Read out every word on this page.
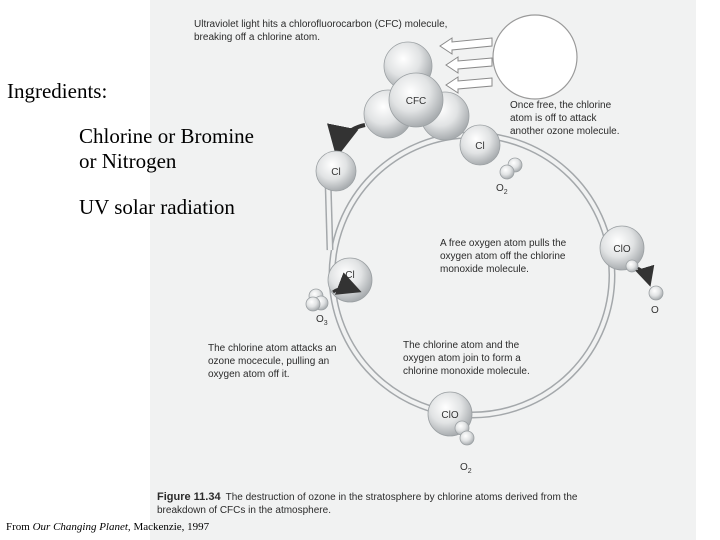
CFC
Cl
Cl
$O_2$
Cl
$O_3$
ClO
O
ClO
$O_2$
Ultraviolet light hits a chlorofluorocarbon (CFC) molecule,
breaking off a chlorine atom.
Once free, the chlorine
atom is off to attack
another ozone molecule.
A free oxygen atom pulls the
oxygen atom off the chlorine
monoxide molecule.
The chlorine atom attacks an
ozone mocecule, pulling an
oxygen atom off it.
The chlorine atom and the
oxygen atom join to form a
chlorine monoxide molecule.
Figure 11.34 The destruction of ozone in the stratosphere by chlorine atoms derived from the
breakdown of CFCs in the atmosphere.
Ingredients:
Chlorine or Bromine
or Nitrogen
UV solar radiation
From Our Changing Planet, Mackenzie, 1997
